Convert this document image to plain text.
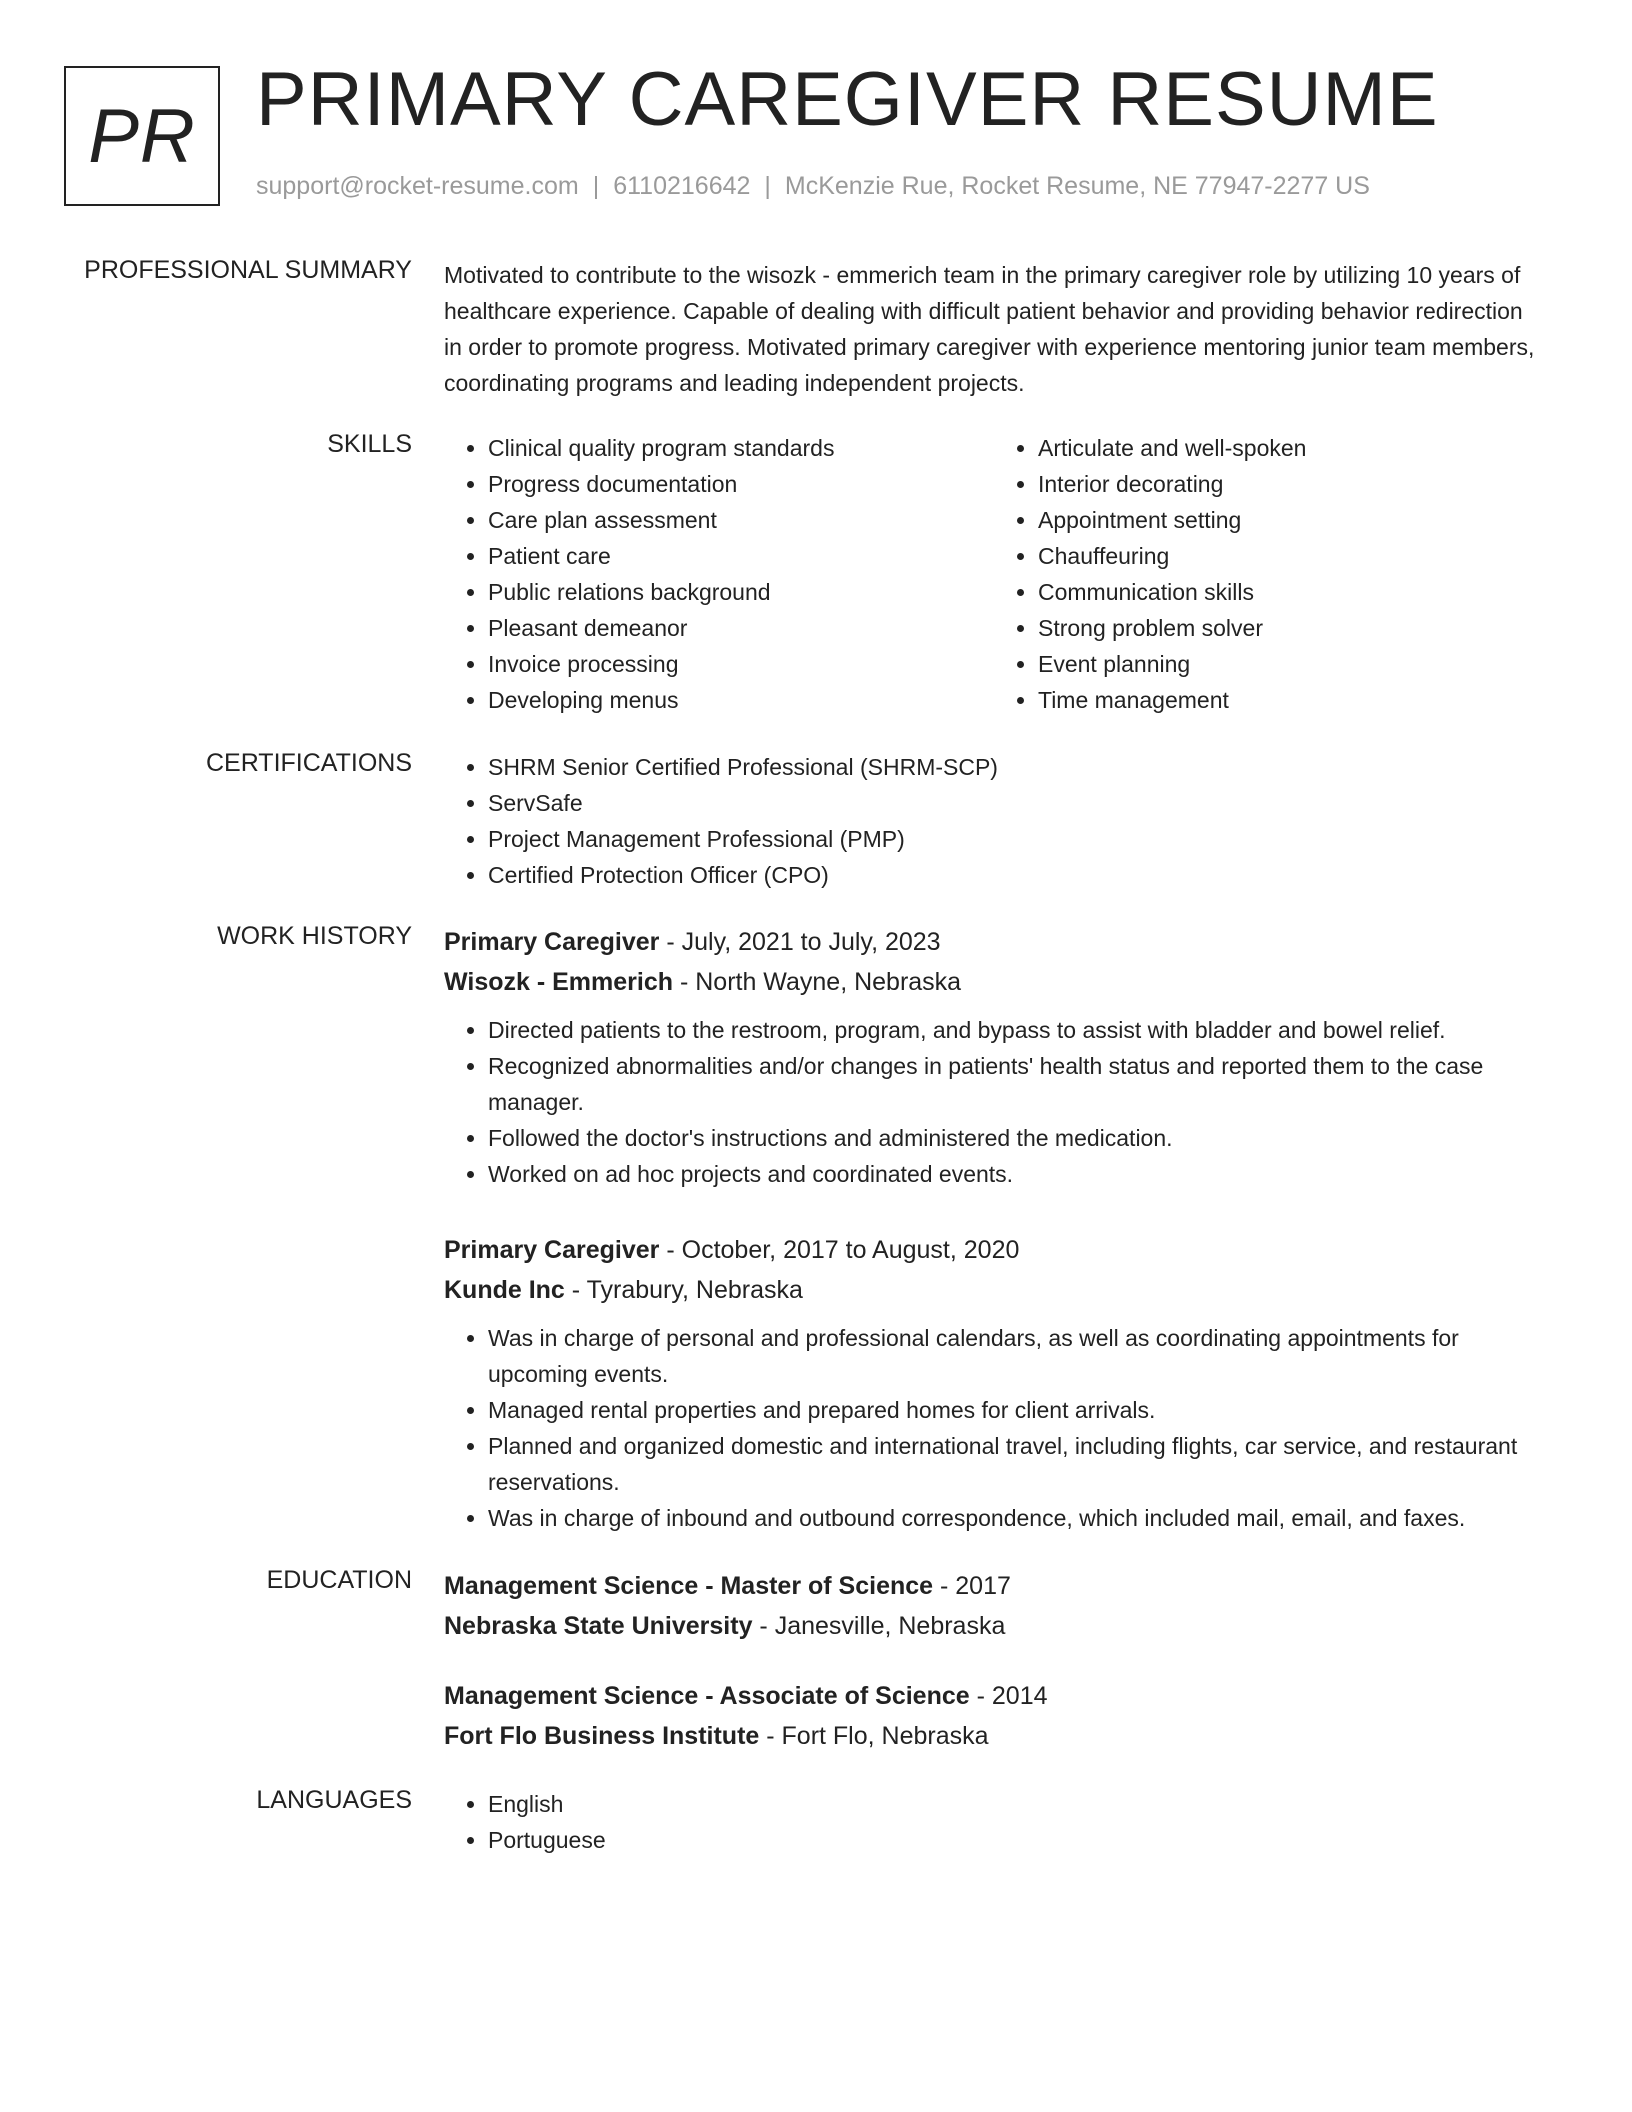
PR PRIMARY CAREGIVER RESUME
support@rocket-resume.com | 6110216642 | McKenzie Rue, Rocket Resume, NE 77947-2277 US
PROFESSIONAL SUMMARY Motivated to contribute to the wisozk - emmerich team in the primary caregiver role by utilizing 10 years of healthcare experience. Capable of dealing with difficult patient behavior and providing behavior redirection in order to promote progress. Motivated primary caregiver with experience mentoring junior team members, coordinating programs and leading independent projects.

SKILLS	• Clinical quality program standards
• Progress documentation
• Care plan assessment
• Patient care
• Public relations background
• Pleasant demeanor
• Invoice processing
• Developing menus
• Articulate and well-spoken
• Interior decorating
• Appointment setting
• Chauffeuring
• Communication skills
• Strong problem solver
• Event planning
• Time management
CERTIFICATIONS	• SHRM Senior Certified Professional (SHRM-SCP)
• ServSafe
• Project Management Professional (PMP)
• Certified Protection Officer (CPO)
WORK HISTORY Primary Caregiver - July, 2021 to July, 2023
Wisozk - Emmerich - North Wayne, Nebraska
• Directed patients to the restroom, program, and bypass to assist with bladder and bowel relief.
• Recognized abnormalities and/or changes in patients' health status and reported them to the case manager.
• Followed the doctor's instructions and administered the medication.
• Worked on ad hoc projects and coordinated events.
Primary Caregiver - October, 2017 to August, 2020
Kunde Inc - Tyrabury, Nebraska
• Was in charge of personal and professional calendars, as well as coordinating appointments for upcoming events.
• Managed rental properties and prepared homes for client arrivals.
• Planned and organized domestic and international travel, including flights, car service, and restaurant reservations.
• Was in charge of inbound and outbound correspondence, which included mail, email, and faxes.
EDUCATION Management Science - Master of Science - 2017
Nebraska State University - Janesville, Nebraska
Management Science - Associate of Science - 2014
Fort Flo Business Institute - Fort Flo, Nebraska
LANGUAGES	• English
• Portuguese
